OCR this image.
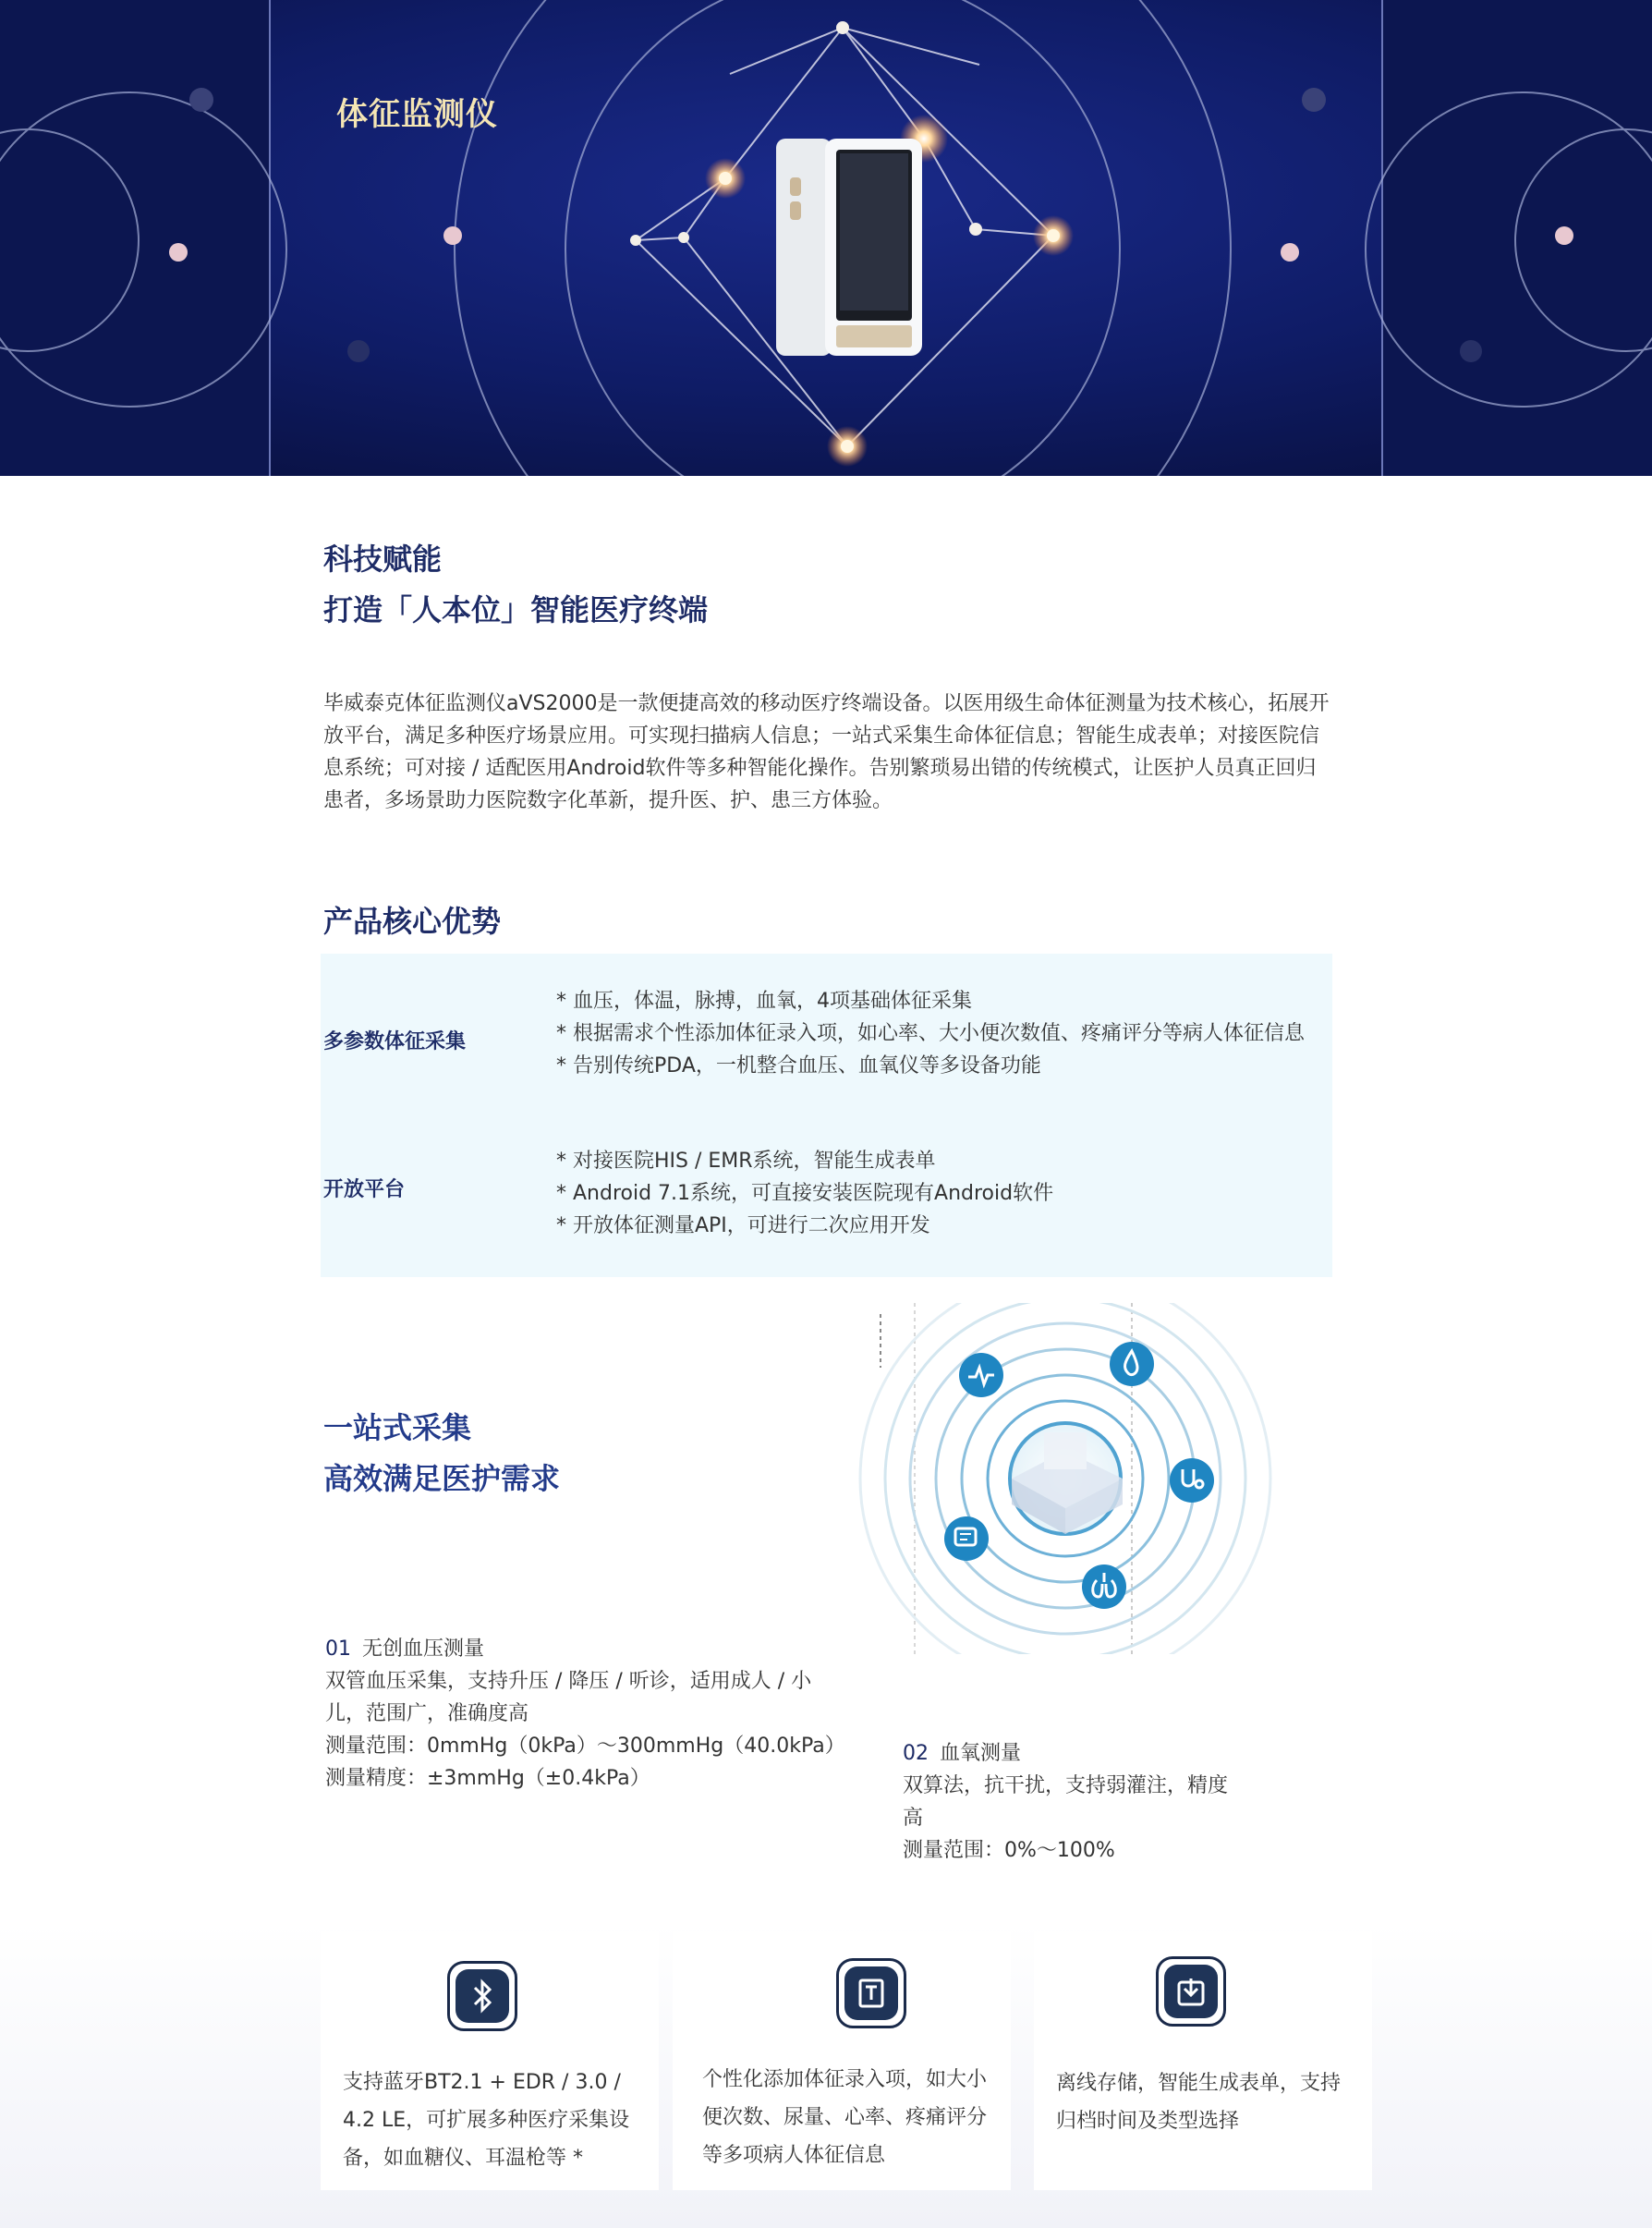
体征监测仪
科技赋能
打造「人本位」智能医疗终端
毕威泰克体征监测仪aVS2000是一款便捷高效的移动医疗终端设备。以医用级生命体征测量为技术核心，拓展开放平台，满足多种医疗场景应用。可实现扫描病人信息；一站式采集生命体征信息；智能生成表单；对接医院信息系统；可对接 / 适配医用Android软件等多种智能化操作。告别繁琐易出错的传统模式，让医护人员真正回归患者，多场景助力医院数字化革新，提升医、护、患三方体验。
产品核心优势
多参数体征采集
* 血压，体温，脉搏，血氧，4项基础体征采集
* 根据需求个性添加体征录入项，如心率、大小便次数值、疼痛评分等病人体征信息
* 告别传统PDA，一机整合血压、血氧仪等多设备功能
开放平台
* 对接医院HIS / EMR系统，智能生成表单
* Android 7.1系统，可直接安装医院现有Android软件
* 开放体征测量API，可进行二次应用开发
一站式采集
高效满足医护需求
01 无创血压测量
双管血压采集，支持升压 / 降压 / 听诊，适用成人 / 小
儿，范围广，准确度高
测量范围：0mmHg（0kPa）～300mmHg（40.0kPa）
测量精度：±3mmHg（±0.4kPa）
02 血氧测量
双算法，抗干扰，支持弱灌注，精度
高
测量范围：0%～100%
支持蓝牙BT2.1 + EDR / 3.0 /
4.2 LE，可扩展多种医疗采集设
备，如血糖仪、耳温枪等 *
个性化添加体征录入项，如大小
便次数、尿量、心率、疼痛评分
等多项病人体征信息
离线存储，智能生成表单，支持
归档时间及类型选择
